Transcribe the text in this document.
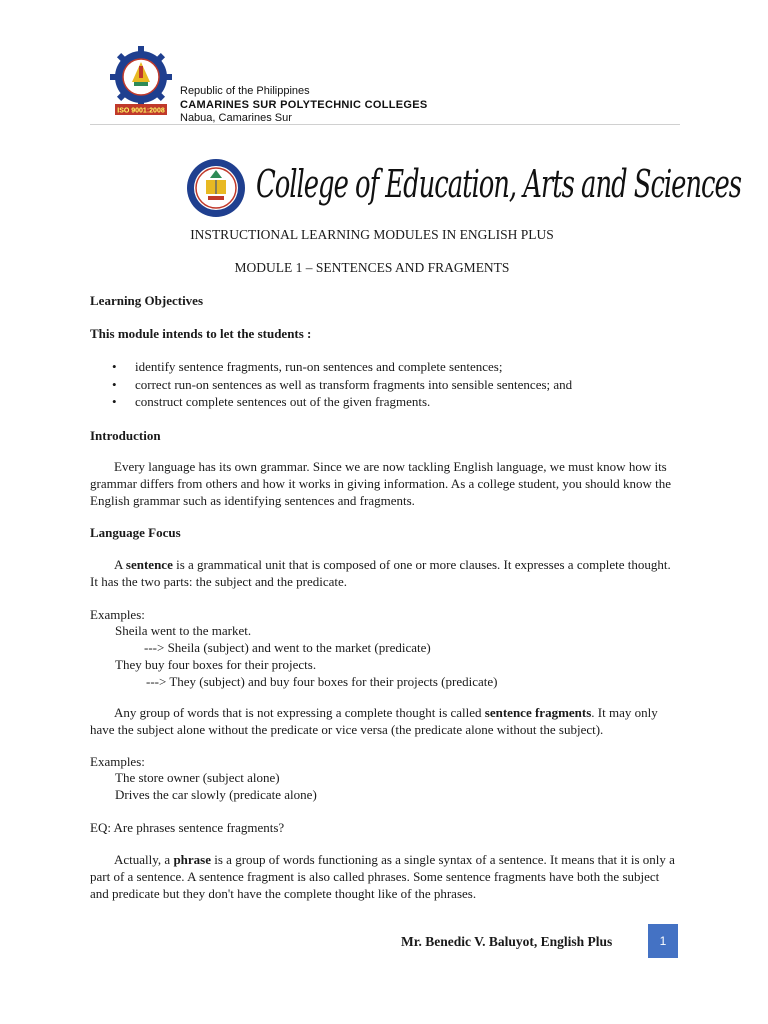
ISO 9001:2008
Republic of the Philippines
CAMARINES SUR POLYTECHNIC COLLEGES
Nabua, Camarines Sur
College of Education, Arts and Sciences
INSTRUCTIONAL LEARNING MODULES IN ENGLISH PLUS
MODULE 1 – SENTENCES AND FRAGMENTS
Learning Objectives
This module intends to let the students :
• identify sentence fragments, run-on sentences and complete sentences;
• correct run-on sentences as well as transform fragments into sensible sentences; and
• construct complete sentences out of the given fragments.
Introduction

Every language has its own grammar. Since we are now tackling English language, we must know how its grammar differs from others and how it works in giving information. As a college student, you should know the English grammar such as identifying sentences and fragments.

Language Focus

A sentence is a grammatical unit that is composed of one or more clauses. It expresses a complete thought. It has the two parts: the subject and the predicate.

Examples:
Sheila went to the market.
---> Sheila (subject) and went to the market (predicate)
They buy four boxes for their projects.
---> They (subject) and buy four boxes for their projects (predicate)

Any group of words that is not expressing a complete thought is called sentence fragments. It may only have the subject alone without the predicate or vice versa (the predicate alone without the subject).

Examples:
The store owner (subject alone)
Drives the car slowly (predicate alone)
EQ: Are phrases sentence fragments?

Actually, a phrase is a group of words functioning as a single syntax of a sentence. It means that it is only a part of a sentence. A sentence fragment is also called phrases. Some sentence fragments have both the subject and predicate but they don't have the complete thought like of the phrases.

Mr. Benedic V. Baluyot, English Plus	1
